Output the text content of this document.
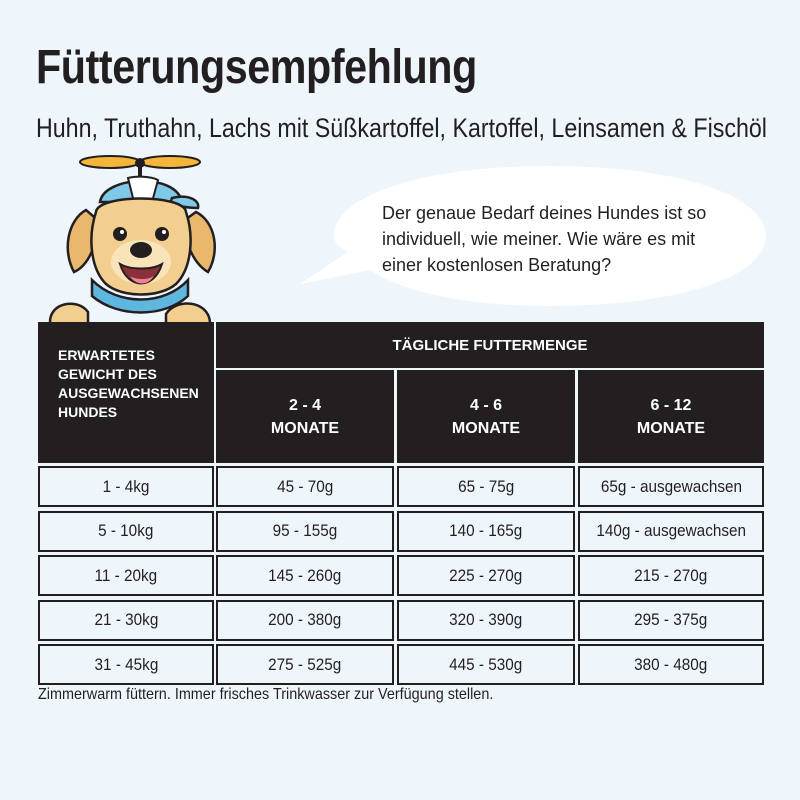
Fütterungsempfehlung
Huhn, Truthahn, Lachs mit Süßkartoffel, Kartoffel, Leinsamen & Fischöl
Der genaue Bedarf deines Hundes ist so
individuell, wie meiner. Wie wäre es mit
einer kostenlosen Beratung?
ERWARTETES
GEWICHT DES
AUSGEWACHSENEN
HUNDES
TÄGLICHE FUTTERMENGE
2 - 4
MONATE
4 - 6
MONATE
6 - 12
MONATE
1 - 4kg	45 - 70g	65 - 75g	65g - ausgewachsen
5 - 10kg	95 - 155g	140 - 165g	140g - ausgewachsen
11 - 20kg	145 - 260g	225 - 270g	215 - 270g
21 - 30kg	200 - 380g	320 - 390g	295 - 375g
31 - 45kg	275 - 525g	445 - 530g	380 - 480g
Zimmerwarm füttern. Immer frisches Trinkwasser zur Verfügung stellen.
